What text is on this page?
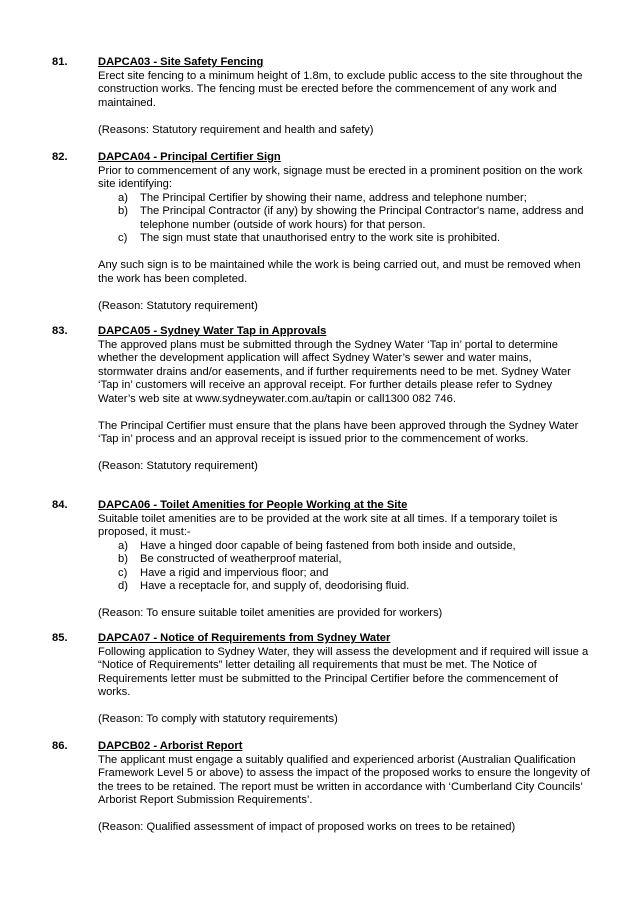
81.	DAPCA03 - Site Safety Fencing

Erect site fencing to a minimum height of 1.8m, to exclude public access to the site throughout the construction works. The fencing must be erected before the commencement of any work and maintained.

(Reasons: Statutory requirement and health and safety)

82.	DAPCA04 - Principal Certifier Sign

Prior to commencement of any work, signage must be erected in a prominent position on the work site identifying:

a) The Principal Certifier by showing their name, address and telephone number;
b) The Principal Contractor (if any) by showing the Principal Contractor's name, address and telephone number (outside of work hours) for that person.
c) The sign must state that unauthorised entry to the work site is prohibited.

Any such sign is to be maintained while the work is being carried out, and must be removed when the work has been completed.

(Reason: Statutory requirement)

83.	DAPCA05 - Sydney Water Tap in Approvals

The approved plans must be submitted through the Sydney Water ‘Tap in’ portal to determine whether the development application will affect Sydney Water’s sewer and water mains, stormwater drains and/or easements, and if further requirements need to be met. Sydney Water ‘Tap in’ customers will receive an approval receipt. For further details please refer to Sydney Water’s web site at www.sydneywater.com.au/tapin or call1300 082 746.

The Principal Certifier must ensure that the plans have been approved through the Sydney Water ‘Tap in’ process and an approval receipt is issued prior to the commencement of works.

(Reason: Statutory requirement)

84.	DAPCA06 - Toilet Amenities for People Working at the Site

Suitable toilet amenities are to be provided at the work site at all times. If a temporary toilet is proposed, it must:-

a) Have a hinged door capable of being fastened from both inside and outside,
b) Be constructed of weatherproof material,
c) Have a rigid and impervious floor; and
d) Have a receptacle for, and supply of, deodorising fluid.

(Reason: To ensure suitable toilet amenities are provided for workers)

85.	DAPCA07 - Notice of Requirements from Sydney Water

Following application to Sydney Water, they will assess the development and if required will issue a “Notice of Requirements” letter detailing all requirements that must be met. The Notice of Requirements letter must be submitted to the Principal Certifier before the commencement of works.

(Reason: To comply with statutory requirements)

86.	DAPCB02 - Arborist Report

The applicant must engage a suitably qualified and experienced arborist (Australian Qualification Framework Level 5 or above) to assess the impact of the proposed works to ensure the longevity of the trees to be retained. The report must be written in accordance with ‘Cumberland City Councils’ Arborist Report Submission Requirements’.

(Reason: Qualified assessment of impact of proposed works on trees to be retained)
